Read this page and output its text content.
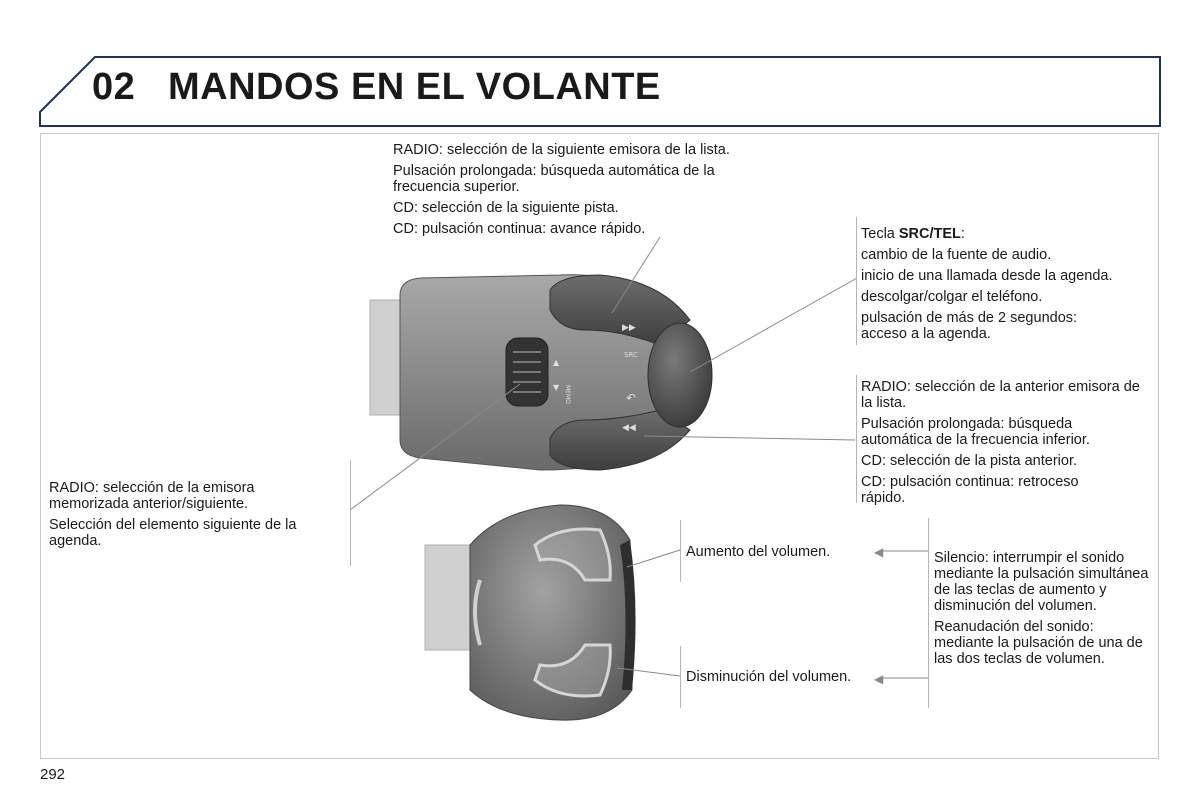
02 MANDOS EN EL VOLANTE
▶▶
◀◀
↶
SRC
▲
MEMO
▼
◀
◀

RADIO: selección de la siguiente emisora de la lista.

Pulsación prolongada: búsqueda automática de la frecuencia superior.

CD: selección de la siguiente pista.

CD: pulsación continua: avance rápido.	Tecla SRC/TEL:

cambio de la fuente de audio.

inicio de una llamada desde la agenda.

descolgar/colgar el teléfono.

pulsación de más de 2 segundos: acceso a la agenda.

RADIO: selección de la anterior emisora de la lista.

Pulsación prolongada: búsqueda automática de la frecuencia inferior.

CD: selección de la pista anterior.

CD: pulsación continua: retroceso rápido.

RADIO: selección de la emisora memorizada anterior/siguiente.

Selección del elemento siguiente de la agenda.

Aumento del volumen.
Disminución del volumen.

Silencio: interrumpir el sonido mediante la pulsación simultánea de las teclas de aumento y disminución del volumen.

Reanudación del sonido: mediante la pulsación de una de las dos teclas de volumen.

292
